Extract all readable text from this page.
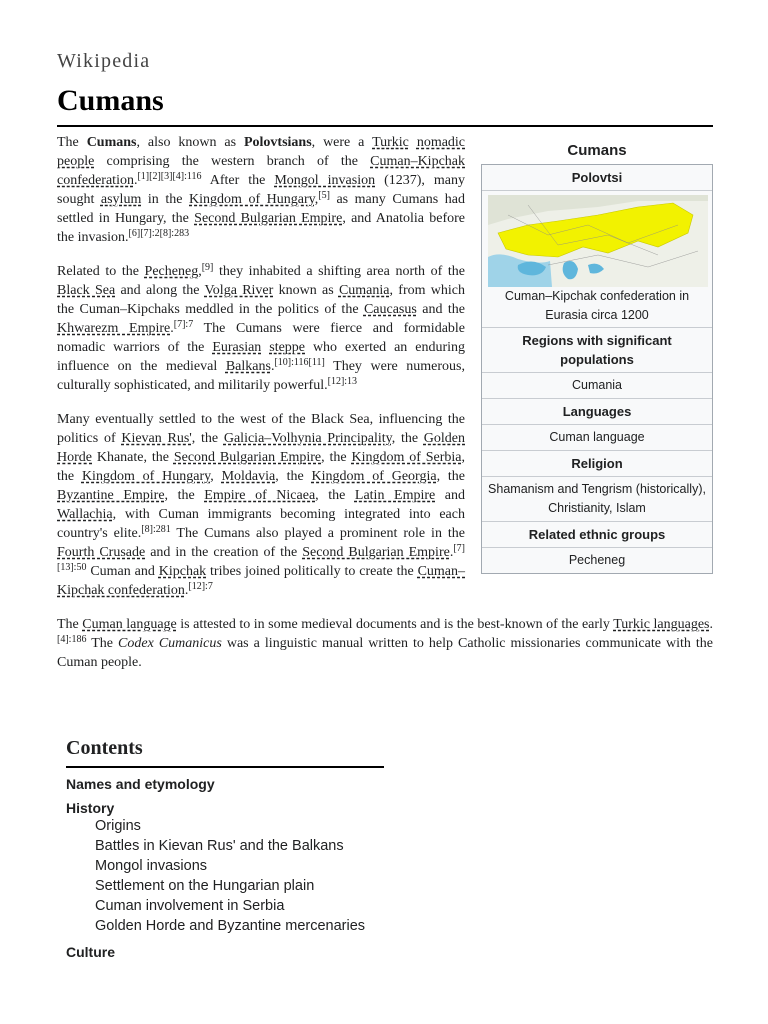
Wikipedia
Cumans
Cumans
Polovtsi
Cuman–Kipchak confederation in Eurasia circa 1200
Regions with significant populations
Cumania
Languages
Cuman language
Religion
Shamanism and Tengrism (historically), Christianity, Islam
Related ethnic groups
Pecheneg

The Cumans, also known as Polovtsians, were a Turkic nomadic people comprising the western branch of the Cuman–Kipchak confederation.$^{[1][2][3][4]:116}$ After the Mongol invasion (1237), many sought asylum in the Kingdom of Hungary,[5] as many Cumans had settled in Hungary, the Second Bulgarian Empire, and Anatolia before the invasion.$^{[6][7]:2[8]:283}$

Related to the Pecheneg,[9] they inhabited a shifting area north of the Black Sea and along the Volga River known as Cumania, from which the Cuman–Kipchaks meddled in the politics of the Caucasus and the Khwarezm Empire.$^{[7]:7}$ The Cumans were fierce and formidable nomadic warriors of the Eurasian steppe who exerted an enduring influence on the medieval Balkans.[10]:116[11] They were numerous, culturally sophisticated, and militarily powerful.$^{[12]:13}$

Many eventually settled to the west of the Black Sea, influencing the politics of Kievan Rus', the Galicia–Volhynia Principality, the Golden Horde Khanate, the Second Bulgarian Empire, the Kingdom of Serbia, the Kingdom of Hungary, Moldavia, the Kingdom of Georgia, the Byzantine Empire, the Empire of Nicaea, the Latin Empire and Wallachia, with Cuman immigrants becoming integrated into each country's elite.$^{[8]:281}$ The Cumans also played a prominent role in the Fourth Crusade and in the creation of the Second Bulgarian Empire.$^{[7][13]:50}$ Cuman and Kipchak tribes joined politically to create the Cuman–Kipchak confederation.$^{[12]:7}$

The Cuman language is attested to in some medieval documents and is the best-known of the early Turkic languages.$^{[4]:186}$ The Codex Cumanicus was a linguistic manual written to help Catholic missionaries communicate with the Cuman people.

Contents
Names and etymology
History
Origins
Battles in Kievan Rus' and the Balkans
Mongol invasions
Settlement on the Hungarian plain
Cuman involvement in Serbia
Golden Horde and Byzantine mercenaries
Culture
